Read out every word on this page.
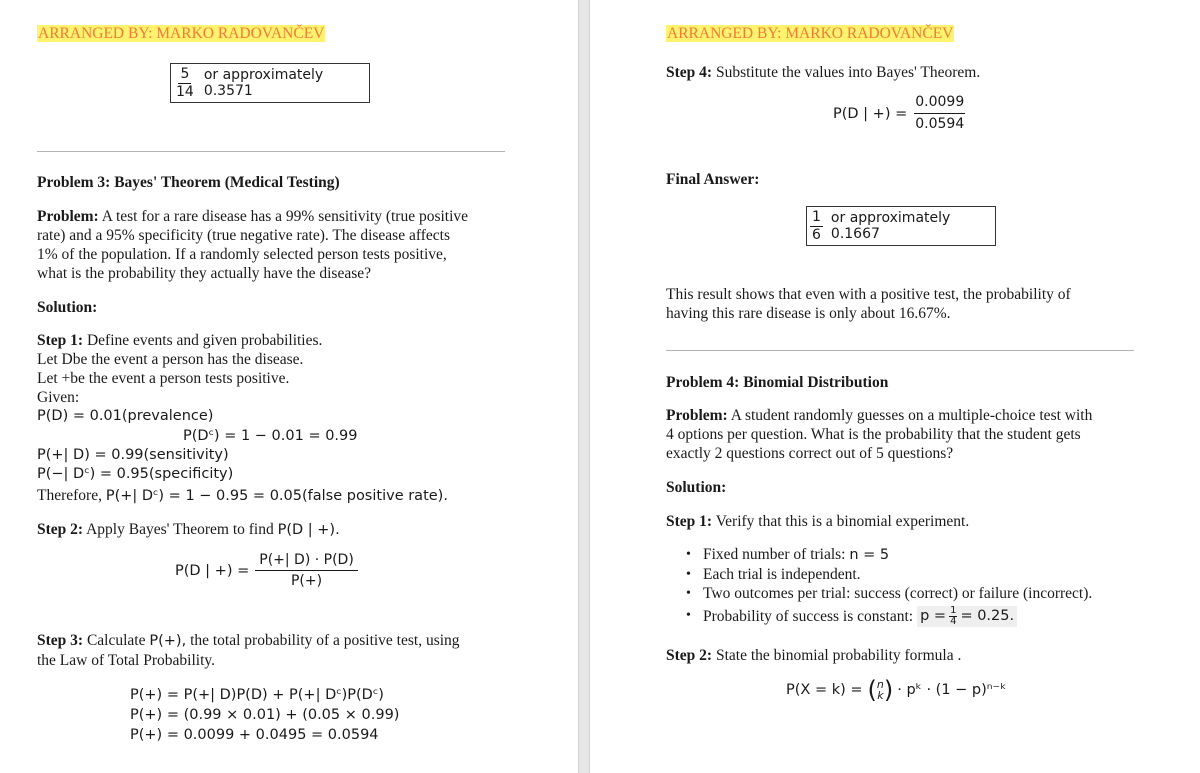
ARRANGED BY: MARKO RADOVANČEV
$\frac{5}{14}$ or approximately 0.3571
Problem 3: Bayes' Theorem (Medical Testing)
Problem: A test for a rare disease has a 99% sensitivity (true positive
rate) and a 95% specificity (true negative rate). The disease affects
1% of the population. If a randomly selected person tests positive,
what is the probability they actually have the disease?
Solution:
Step 1: Define events and given probabilities.
Let Dbe the event a person has the disease.
Let +be the event a person tests positive.
Given:
P(D) = 0.01(prevalence)
P(Dᶜ) = 1 − 0.01 = 0.99
P(+| D) = 0.99(sensitivity)
P(−| Dᶜ) = 0.95(specificity)
Therefore, P(+| Dᶜ) = 1 − 0.95 = 0.05(false positive rate).
Step 2: Apply Bayes' Theorem to find P(D | +).
P(D | +) = $\frac{P(+| D) \cdot P(D)}{P(+)}$
Step 3: Calculate P(+), the total probability of a positive test, using
the Law of Total Probability.
P(+) = P(+| D)P(D) + P(+| Dᶜ)P(Dᶜ)
P(+) = (0.99 × 0.01) + (0.05 × 0.99)
P(+) = 0.0099 + 0.0495 = 0.0594
ARRANGED BY: MARKO RADOVANČEV
Step 4: Substitute the values into Bayes' Theorem.
P(D | +) = $\frac{0.0099}{0.0594}$
Final Answer:
$\frac{1}{6}$ or approximately 0.1667
This result shows that even with a positive test, the probability of
having this rare disease is only about 16.67%.
Problem 4: Binomial Distribution
Problem: A student randomly guesses on a multiple-choice test with
4 options per question. What is the probability that the student gets
exactly 2 questions correct out of 5 questions?
Solution:
Step 1: Verify that this is a binomial experiment.
• Fixed number of trials: n = 5
• Each trial is independent.
• Two outcomes per trial: success (correct) or failure (incorrect).
• Probability of success is constant: $p = \frac{1}{4} = 0.25$.
Step 2: State the binomial probability formula .
P(X = k) = ( n
k ) · pᵏ · (1 − p)ⁿ⁻ᵏ
